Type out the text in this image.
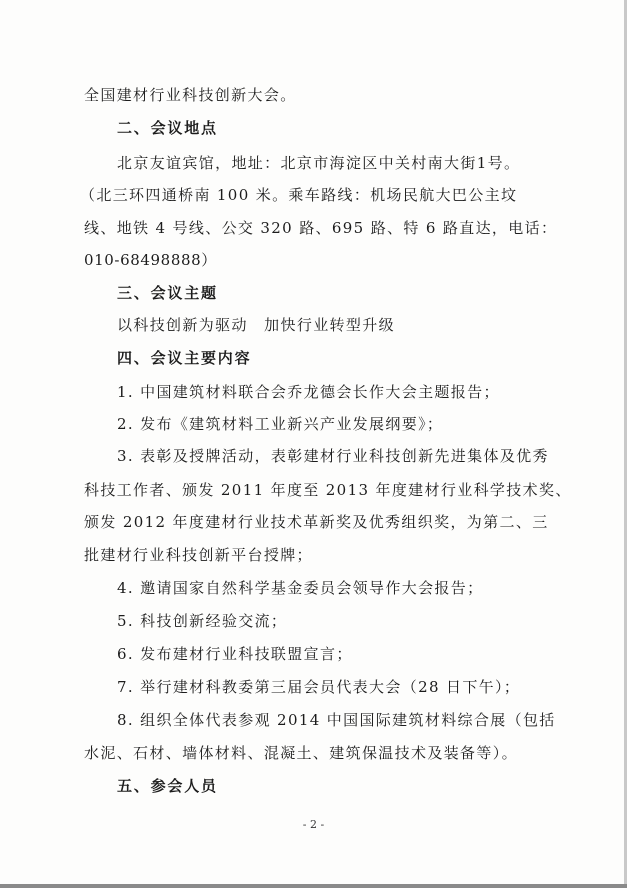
全国建材行业科技创新大会。
二、会议地点
北京友谊宾馆，地址：北京市海淀区中关村南大街1号。
（北三环四通桥南 100 米。乘车路线：机场民航大巴公主坟
线、地铁 4 号线、公交 320 路、695 路、特 6 路直达，电话：
010-68498888）
三、会议主题
以科技创新为驱动　加快行业转型升级
四、会议主要内容
1. 中国建筑材料联合会乔龙德会长作大会主题报告；
2. 发布《建筑材料工业新兴产业发展纲要》；
3. 表彰及授牌活动，表彰建材行业科技创新先进集体及优秀
科技工作者、颁发 2011 年度至 2013 年度建材行业科学技术奖、
颁发 2012 年度建材行业技术革新奖及优秀组织奖，为第二、三
批建材行业科技创新平台授牌；
4. 邀请国家自然科学基金委员会领导作大会报告；
5. 科技创新经验交流；
6. 发布建材行业科技联盟宣言；
7. 举行建材科教委第三届会员代表大会（28 日下午）；
8. 组织全体代表参观 2014 中国国际建筑材料综合展（包括
水泥、石材、墙体材料、混凝土、建筑保温技术及装备等）。
五、参会人员
- 2 -
